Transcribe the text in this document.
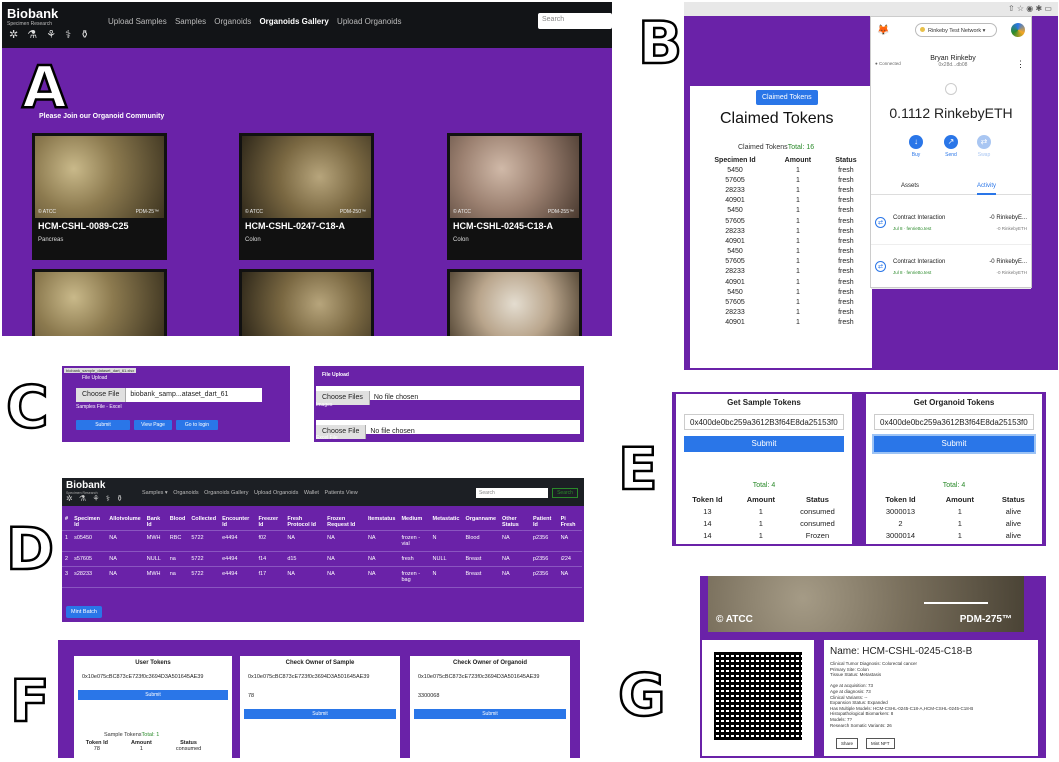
Biobank
Specimen Research
✲ ⚗ ⚘ ⚕ ⚱
Upload Samples Samples Organoids Organoids Gallery Upload Organoids	Search
Please Join our Organoid Community
© ATCC	PDM-25™
HCM-CSHL-0089-C25
Pancreas
© ATCC	PDM-250™
HCM-CSHL-0247-C18-A
Colon
© ATCC	PDM-255™
HCM-CSHL-0245-C18-A
Colon
A
⇧ ☆ ◉ ✱ ▭
Claimed Tokens
Claimed Tokens
Claimed TokensTotal: 16
Specimen Id	Amount	Status
5450	1	fresh
57605	1	fresh
28233	1	fresh
40901	1	fresh
5450	1	fresh
57605	1	fresh
28233	1	fresh
40901	1	fresh
5450	1	fresh
57605	1	fresh
28233	1	fresh
40901	1	fresh
5450	1	fresh
57605	1	fresh
28233	1	fresh
40901	1	fresh
🦊	Rinkeby Test Network ▾
● Connected
Bryan Rinkeby
0x28d...db08	⋮
0.1112 RinkebyETH
↓
Buy
↗
Send
⇄
Swap
Assets	Activity
⇄
Contract Interaction
Jul 8 · fenrietto.test
-0 RinkebyE...
-0 RinkebyETH
⇄
Contract Interaction
Jul 8 · fenrietto.test
-0 RinkebyE...
-0 RinkebyETH
B
C
biobank_sample_dataset_dart_61.xlsx
File Upload
Choose File biobank_samp...ataset_dart_61
Samples File - Excel
Submit	View Page	Go to login
File Upload
Choose Files No file chosen
Images
Choose File No file chosen
Excel File
D
Biobank
Specimen Research
✲ ⚗ ⚘ ⚕ ⚱
Samples ▾ Organoids Organoids Gallery Upload Organoids Wallet Patients View	Search	Search
#	Specimen Id	Allotvolume	Bank Id	Blood	Collected	Encounter Id	Freezer Id	Fresh Protocol Id	Frozen Request Id	Itemstatus	Medium	Metastatic	Organname	Other Status	Patient Id	Pi Fresh
1	s05450	NA	MWH	RBC	5722	e4494	f02	NA	NA	NA	frozen - vial	N	Blood	NA	p2356	NA
2	s57605	NA	NULL	na	5722	e4494	f14	d15	NA	NA	fresh	NULL	Breast	NA	p2356	i224
3	s28233	NA	MWH	na	5722	e4494	f17	NA	NA	NA	frozen - bag	N	Breast	NA	p2356	NA
Mint Batch
E
Get Sample Tokens
0x400de0bc259a3612B3f64E8da25153f0
Submit
Total: 4
Token Id	Amount	Status
13	1	consumed
14	1	consumed
14	1	Frozen
Get Organoid Tokens
0x400de0bc259a3612B3f64E8da25153f0
Submit
Total: 4
Token Id	Amount	Status
3000013	1	alive
2	1	alive
3000014	1	alive
F
User Tokens
0x10e075cBC873cE723f0c3694D3A501645AE39
Submit
Check Owner of Sample
0x10e075cBC873cE723f0c3694D3A501645AE39
78
Submit
Check Owner of Organoid
0x10e075cBC873cE723f0c3694D3A501645AE39
3300068
Submit
Sample TokensTotal: 1
Token Id	Amount	Status
78	1	consumed
G
© ATCC	PDM-275™
Name: HCM-CSHL-0245-C18-B
Clinical Tumor Diagnosis: Colorectal cancer
Primary Site: Colon
Tissue Status: Metastasis
Age at acquisition: 73
Age at diagnosis: 73
Clinical Variants: --
Expansion Status: Expanded
Has Multiple Models: HCM-CSHL-0245-C18-A,HCM-CSHL-0245-C18-B
Histopathological Biomarkers: 8
Models: 7?
Research Somatic Variants: 26
Share	Mint NFT
